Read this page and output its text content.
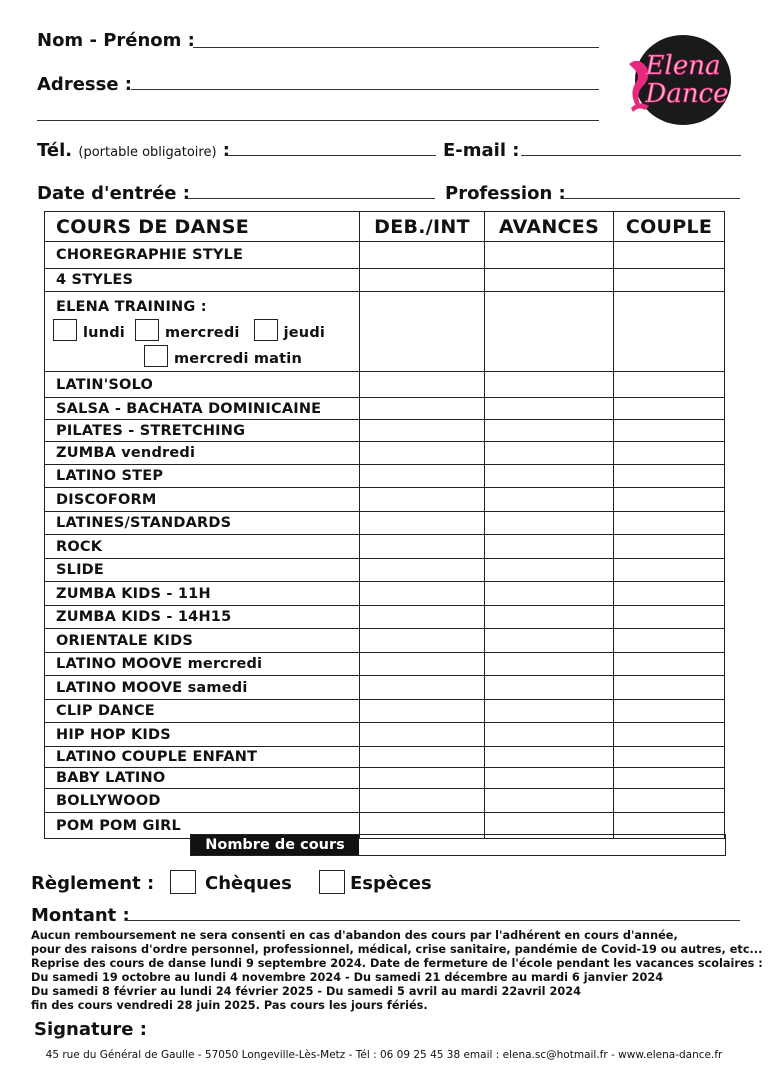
Nom - Prénom :
Adresse :
Tél. (portable obligatoire) :	E-mail :
Date d'entrée :	Profession :
Elena
Dance
COURS DE DANSE	DEB./INT	AVANCES	COUPLE
CHOREGRAPHIE STYLE			
4 STYLES			

ELENA TRAINING :
lundi mercredi jeudi
mercredi matin			

LATIN'SOLO			
SALSA - BACHATA DOMINICAINE			
PILATES - STRETCHING			
ZUMBA vendredi			
LATINO STEP			
DISCOFORM			
LATINES/STANDARDS			
ROCK			
SLIDE			
ZUMBA KIDS - 11H			
ZUMBA KIDS - 14H15			
ORIENTALE KIDS			
LATINO MOOVE mercredi			
LATINO MOOVE samedi			
CLIP DANCE			
HIP HOP KIDS			
LATINO COUPLE ENFANT			
BABY LATINO			
BOLLYWOOD			
POM POM GIRL			
Nombre de cours
Règlement :	Chèques	Espèces
Montant :
Aucun remboursement ne sera consenti en cas d'abandon des cours par l'adhérent en cours d'année,
pour des raisons d'ordre personnel, professionnel, médical, crise sanitaire, pandémie de Covid-19 ou autres, etc...
Reprise des cours de danse lundi 9 septembre 2024. Date de fermeture de l'école pendant les vacances scolaires :
Du samedi 19 octobre au lundi 4 novembre 2024 - Du samedi 21 décembre au mardi 6 janvier 2024
Du samedi 8 février au lundi 24 février 2025 - Du samedi 5 avril au mardi 22avril 2024
fin des cours vendredi 28 juin 2025. Pas cours les jours fériés.
Signature :
45 rue du Général de Gaulle - 57050 Longeville-Lès-Metz - Tél : 06 09 25 45 38 email : elena.sc@hotmail.fr - www.elena-dance.fr
